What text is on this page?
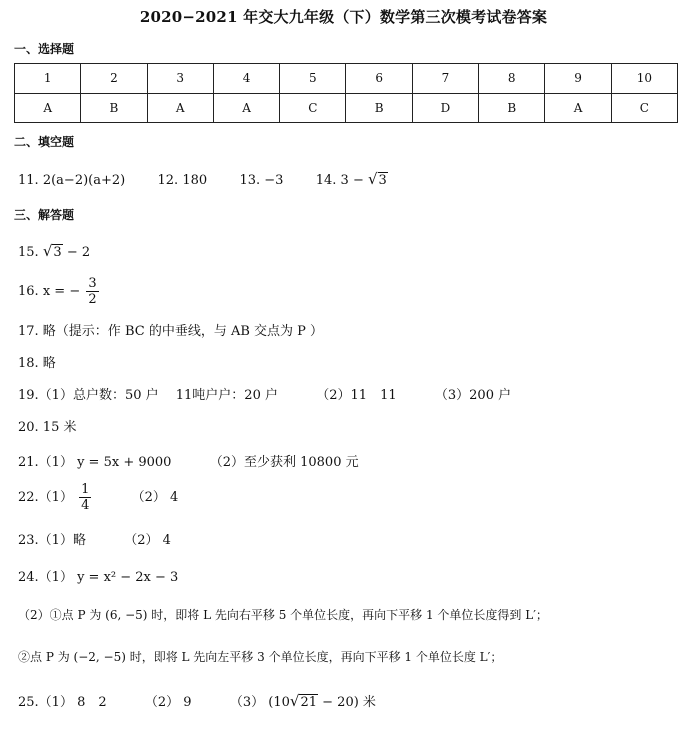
2020−2021 年交大九年级（下）数学第三次模考试卷答案
一、选择题
1	2	3	4	5	6	7	8	9	10
A	B	A	A	C	B	D	B	A	C
二、填空题
11. 2(a−2)(a+2) 12. 180 13. −3 14. 3 − √3
三、解答题
15. √3 − 2
16. x = − $\frac{3}{2}$
17. 略（提示：作 BC 的中垂线，与 AB 交点为 P ）
18. 略
19.（1）总户数：50 户　 11吨户户：20 户	（2）11　11	（3）200 户
20. 15 米
21.（1） y = 5x + 9000	（2）至少获利 10800 元
$22.(1) \frac{1}{4}$	（2） 4
23.（1）略	（2） 4
24.（1） y = x² − 2x − 3
（2）①点 P 为 (6, −5) 时，即将 L 先向右平移 5 个单位长度，再向下平移 1 个单位长度得到 L′；
②点 P 为 (−2, −5) 时，即将 L 先向左平移 3 个单位长度，再向下平移 1 个单位长度 L′；
25.（1） 8　2	（2） 9	（3） (10√21 − 20) 米
